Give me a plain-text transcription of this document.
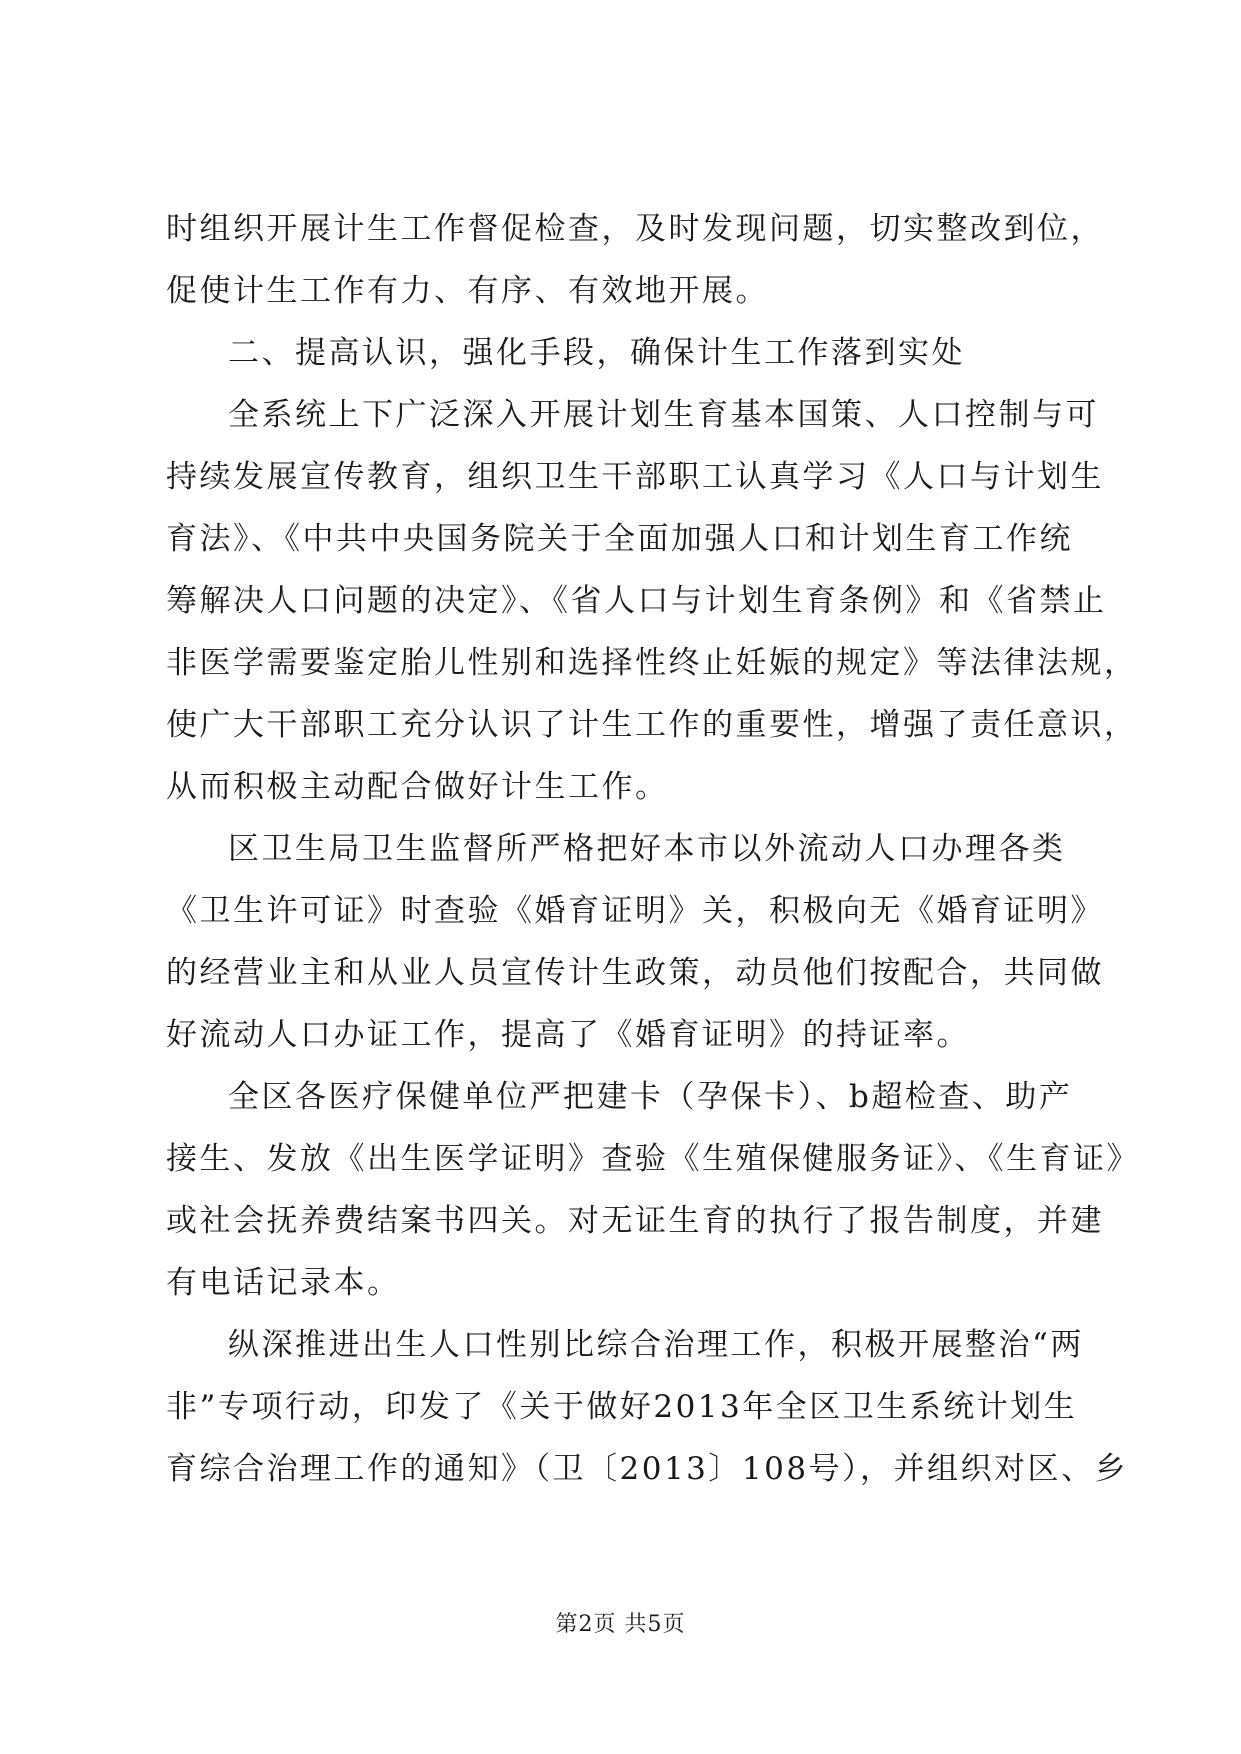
时组织开展计生工作督促检查，及时发现问题，切实整改到位，

促使计生工作有力、有序、有效地开展。

二、提高认识，强化手段，确保计生工作落到实处

全系统上下广泛深入开展计划生育基本国策、人口控制与可

持续发展宣传教育，组织卫生干部职工认真学习《人口与计划生

育法》、《中共中央国务院关于全面加强人口和计划生育工作统

筹解决人口问题的决定》、《省人口与计划生育条例》和《省禁止

非医学需要鉴定胎儿性别和选择性终止妊娠的规定》等法律法规，

使广大干部职工充分认识了计生工作的重要性，增强了责任意识，

从而积极主动配合做好计生工作。

区卫生局卫生监督所严格把好本市以外流动人口办理各类

《卫生许可证》时查验《婚育证明》关，积极向无《婚育证明》

的经营业主和从业人员宣传计生政策，动员他们按配合，共同做

好流动人口办证工作，提高了《婚育证明》的持证率。

全区各医疗保健单位严把建卡（孕保卡）、b超检查、助产

接生、发放《出生医学证明》查验《生殖保健服务证》、《生育证》

或社会抚养费结案书四关。对无证生育的执行了报告制度，并建

有电话记录本。

纵深推进出生人口性别比综合治理工作，积极开展整治“两

非”专项行动，印发了《关于做好2013年全区卫生系统计划生

育综合治理工作的通知》（卫〔2013〕108号），并组织对区、乡

第2页 共5页
